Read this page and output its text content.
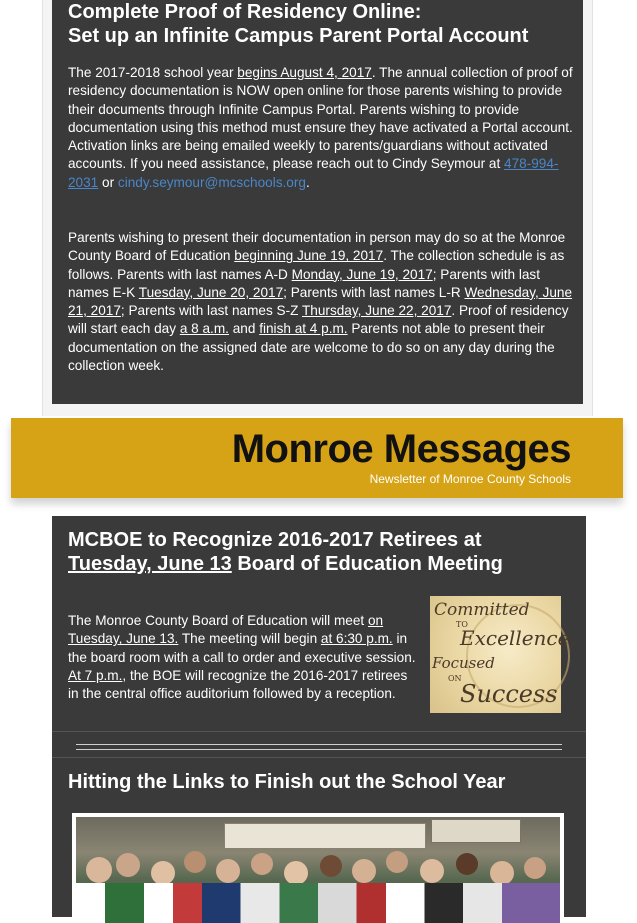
Complete Proof of Residency Online:
Set up an Infinite Campus Parent Portal Account
The 2017-2018 school year begins August 4, 2017. The annual collection of proof of residency documentation is NOW open online for those parents wishing to provide their documents through Infinite Campus Portal. Parents wishing to provide documentation using this method must ensure they have activated a Portal account. Activation links are being emailed weekly to parents/guardians without activated accounts. If you need assistance, please reach out to Cindy Seymour at 478-994-2031 or cindy.seymour@mcschools.org.
Parents wishing to present their documentation in person may do so at the Monroe County Board of Education beginning June 19, 2017. The collection schedule is as follows. Parents with last names A-D Monday, June 19, 2017; Parents with last names E-K Tuesday, June 20, 2017; Parents with last names L-R Wednesday, June 21, 2017; Parents with last names S-Z Thursday, June 22, 2017. Proof of residency will start each day a 8 a.m. and finish at 4 p.m. Parents not able to present their documentation on the assigned date are welcome to do so on any day during the collection week.
Monroe Messages
Newsletter of Monroe County Schools
MCBOE to Recognize 2016-2017 Retirees at
Tuesday, June 13 Board of Education Meeting
The Monroe County Board of Education will meet on Tuesday, June 13. The meeting will begin at 6:30 p.m. in the board room with a call to order and executive session. At 7 p.m., the BOE will recognize the 2016-2017 retirees in the central office auditorium followed by a reception.
Committed
TO
Excellence,
Focused
ON
Success
Hitting the Links to Finish out the School Year
